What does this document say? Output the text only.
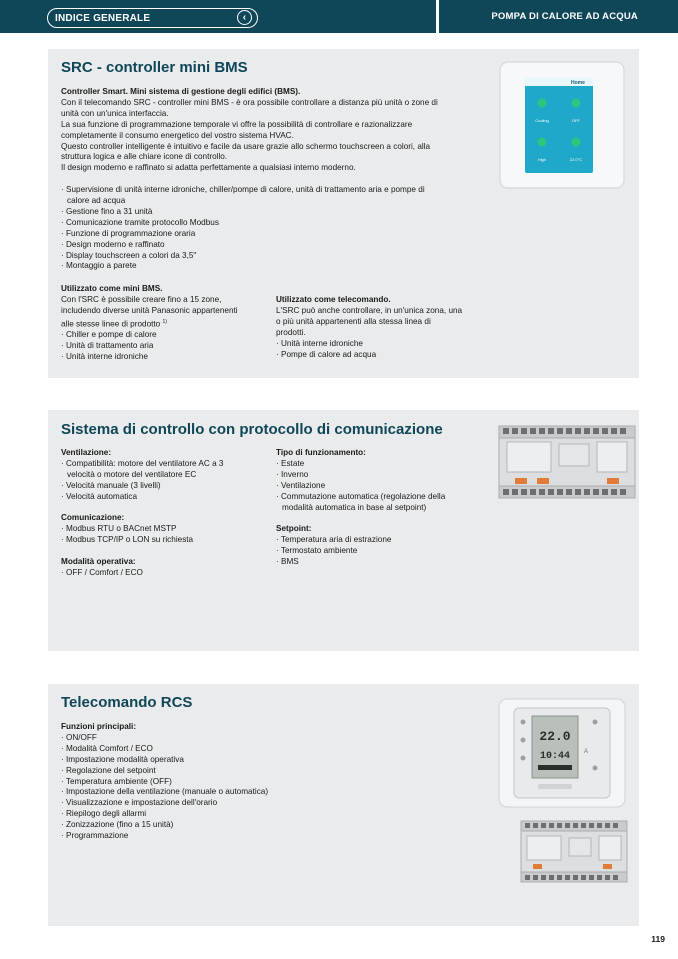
INDICE GENERALE	‹	POMPA DI CALORE AD ACQUA
SRC - controller mini BMS

Controller Smart. Mini sistema di gestione degli edifici (BMS).

Con il telecomando SRC - controller mini BMS - è ora possibile controllare a distanza più unità o zone di

unità con un'unica interfaccia.

La sua funzione di programmazione temporale vi offre la possibilità di controllare e razionalizzare

completamente il consumo energetico del vostro sistema HVAC.

Questo controller intelligente è intuitivo e facile da usare grazie allo schermo touchscreen a colori, alla

struttura logica e alle chiare icone di controllo.

Il design moderno e raffinato si adatta perfettamente a qualsiasi interno moderno.

· Supervisione di unità interne idroniche, chiller/pompe di calore, unità di trattamento aria e pompe di

calore ad acqua

· Gestione fino a 31 unità

· Comunicazione tramite protocollo Modbus

· Funzione di programmazione oraria

· Design moderno e raffinato

· Display touchscreen a colori da 3,5"

· Montaggio a parete

Utilizzato come mini BMS.

Con l'SRC è possibile creare fino a 15 zone,

includendo diverse unità Panasonic appartenenti

alle stesse linee di prodotto $^{1)}$

· Chiller e pompe di calore

· Unità di trattamento aria

· Unità interne idroniche

Utilizzato come telecomando.

L'SRC può anche controllare, in un'unica zona, una

o più unità appartenenti alla stessa linea di

prodotti.

· Unità interne idroniche

· Pompe di calore ad acqua

Home
Cooling	OFF
High	22.0°C
Sistema di controllo con protocollo di comunicazione

Ventilazione:

· Compatibilità: motore del ventilatore AC a 3

velocità o motore del ventilatore EC

· Velocità manuale (3 livelli)

· Velocità automatica

Comunicazione:

· Modbus RTU o BACnet MSTP

· Modbus TCP/IP o LON su richiesta

Modalità operativa:

· OFF / Comfort / ECO

Tipo di funzionamento:

· Estate

· Inverno

· Ventilazione

· Commutazione automatica (regolazione della

modalità automatica in base al setpoint)

Setpoint:

· Temperatura aria di estrazione

· Termostato ambiente

· BMS

Telecomando RCS

Funzioni principali:

· ON/OFF

· Modalità Comfort / ECO

· Impostazione modalità operativa

· Regolazione del setpoint

· Temperatura ambiente (OFF)

· Impostazione della ventilazione (manuale o automatica)

· Visualizzazione e impostazione dell'orario

· Riepilogo degli allarmi

· Zonizzazione (fino a 15 unità)

· Programmazione

22.0
10:44 A
119
